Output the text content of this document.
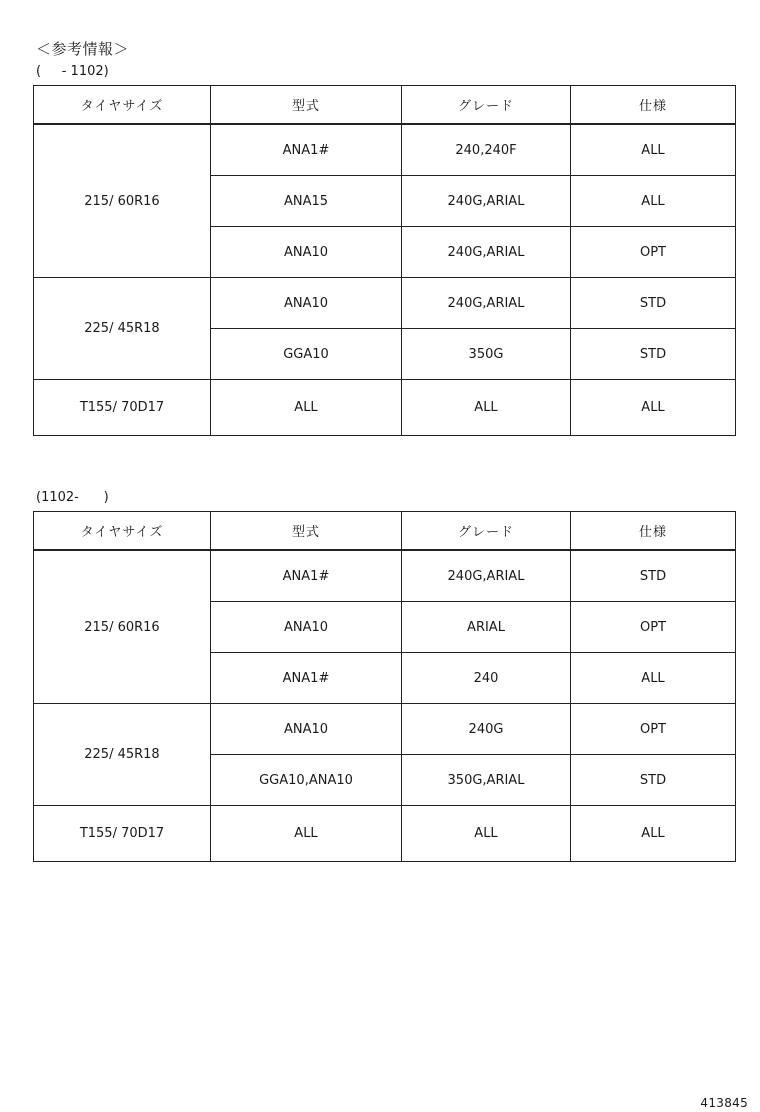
＜参考情報＞
(     - 1102)
タイヤサイズ	型式	グレード	仕様
215/ 60R16	ANA1#	240,240F	ALL
	ANA15	240G,ARIAL	ALL
	ANA10	240G,ARIAL	OPT
225/ 45R18	ANA10	240G,ARIAL	STD
	GGA10	350G	STD
T155/ 70D17	ALL	ALL	ALL
(1102-      )
タイヤサイズ	型式	グレード	仕様
215/ 60R16	ANA1#	240G,ARIAL	STD
	ANA10	ARIAL	OPT
	ANA1#	240	ALL
225/ 45R18	ANA10	240G	OPT
	GGA10,ANA10	350G,ARIAL	STD
T155/ 70D17	ALL	ALL	ALL
413845
